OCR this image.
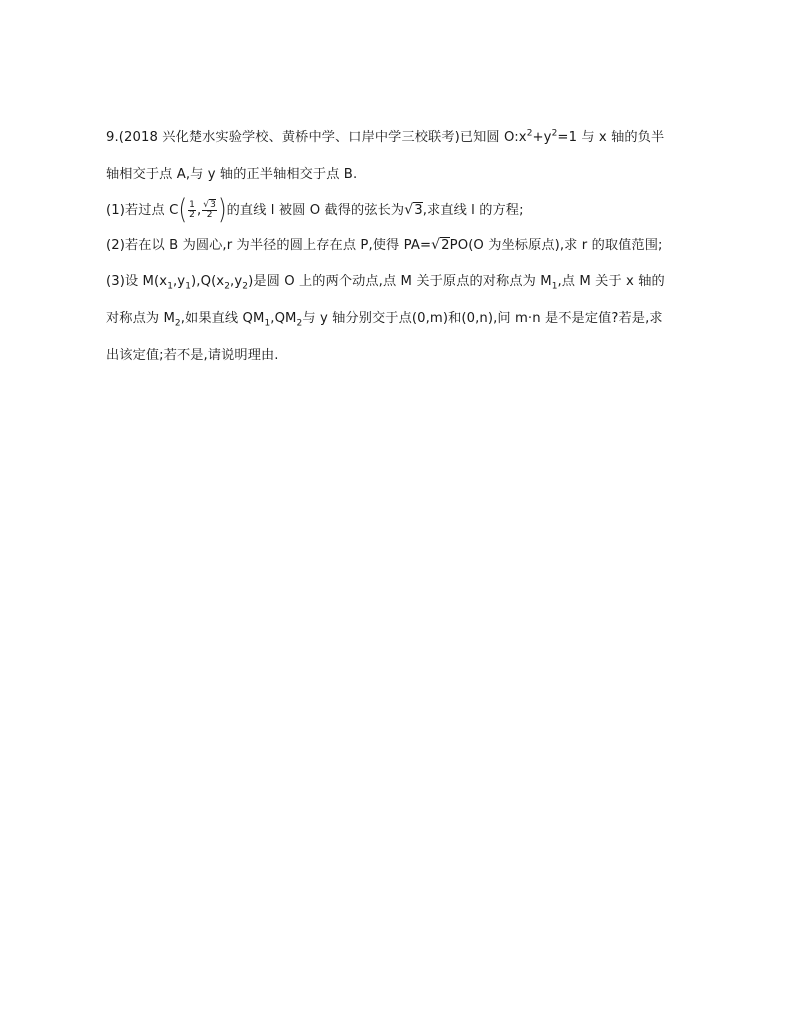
9.(2018 兴化楚水实验学校、黄桥中学、口岸中学三校联考)已知圆 $O:x^2+y^2=1$ 与 x 轴的负半
轴相交于点 A,与 y 轴的正半轴相交于点 B.
(1)若过点 $C( \frac{1}{2}$ , $\frac{√3}{2}$ )的直线 l 被圆 O 截得的弦长为√3,求直线 l 的方程;
(2)若在以 B 为圆心,r 为半径的圆上存在点 P,使得 PA=√2PO(O 为坐标原点),求 r 的取值范围;
(3)设 $M(x_1,y_1),Q(x_2,y_2)$是圆 O 上的两个动点,点 M 关于原点的对称点为 $M_1$,点 M 关于 x 轴的
对称点为 $M_2$,如果直线 $QM_1,QM_2$与 y 轴分别交于点(0,m)和(0,n),问 m·n 是不是定值?若是,求
出该定值;若不是,请说明理由.
